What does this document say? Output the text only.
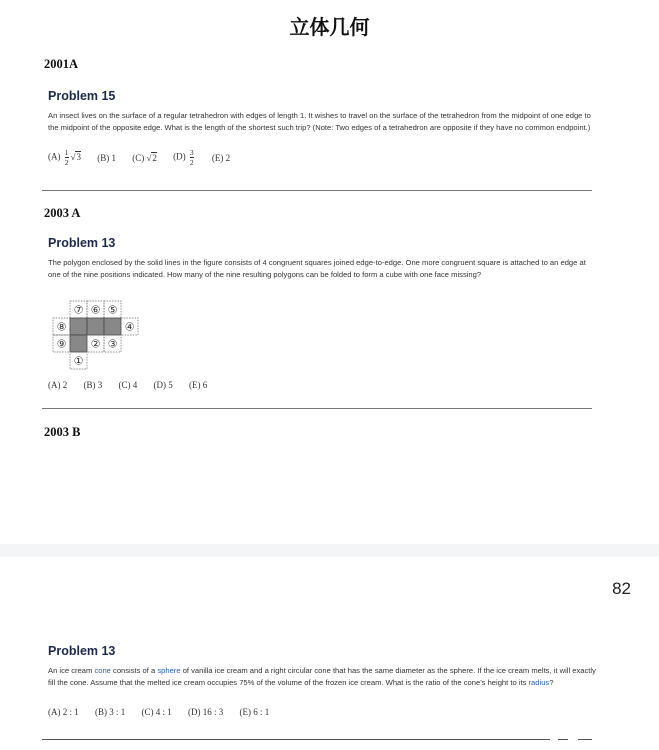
立体几何
2001A
Problem 15
An insect lives on the surface of a regular tetrahedron with edges of length 1. It wishes to travel on the surface of the tetrahedron from the midpoint of one edge to the midpoint of the opposite edge. What is the length of the shortest such trip? (Note: Two edges of a tetrahedron are opposite if they have no common endpoint.)
$(A) \frac{1}{2} √3$ (B) 1 (C) √2 $(D) \frac{3}{2} (E)$ 2
2003 A
Problem 13
The polygon enclosed by the solid lines in the figure consists of 4 congruent squares joined edge-to-edge. One more congruent square is attached to an edge at one of the nine positions indicated. How many of the nine resulting polygons can be folded to form a cube with one face missing?
⑦ ⑥ ⑤
⑧	④
⑨ ② ③
①
(A) 2 (B) 3 (C) 4 (D) 5 (E) 6
2003 B
82
Problem 13
An ice cream cone consists of a sphere of vanilla ice cream and a right circular cone that has the same diameter as the sphere. If the ice cream melts, it will exactly fill the cone. Assume that the melted ice cream occupies 75% of the volume of the frozen ice cream. What is the ratio of the cone's height to its radius?
(A) 2 : 1 (B) 3 : 1 (C) 4 : 1 (D) 16 : 3 (E) 6 : 1
